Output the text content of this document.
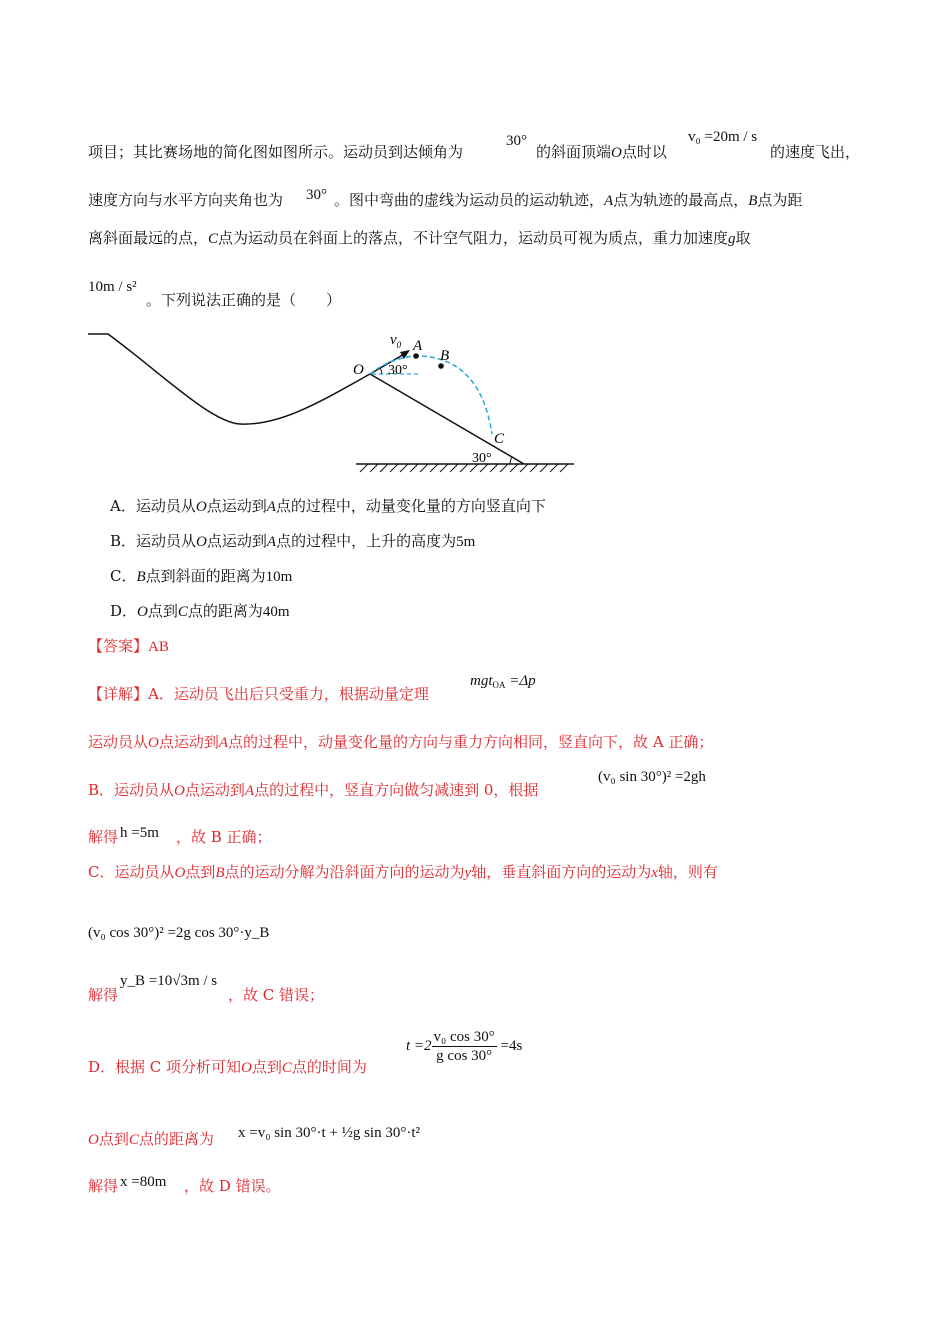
项目；其比赛场地的简化图如图所示。运动员到达倾角为
30°
的斜面顶端O点时以
v₀ =20m / s
的速度飞出，
速度方向与水平方向夹角也为 30° 。图中弯曲的虚线为运动员的运动轨迹，A点为轨迹的最高点，B点为距
离斜面最远的点，C点为运动员在斜面上的落点，不计空气阻力，运动员可视为质点，重力加速度g取
10m / s²
。下列说法正确的是（　　）
$v_0$ A
B
O 30°
C
30°
A．运动员从O点运动到A点的过程中，动量变化量的方向竖直向下
B．运动员从O点运动到A点的过程中，上升的高度为5m
C．B点到斜面的距离为10m
D．O点到C点的距离为40m
【答案】AB
【详解】A．运动员飞出后只受重力，根据动量定理
mgt$_{OA}$ =Δp
运动员从O点运动到A点的过程中，动量变化量的方向与重力方向相同，竖直向下，故 A 正确；
B．运动员从O点运动到A点的过程中，竖直方向做匀减速到 0，根据
(v₀ sin 30°)² =2gh
解得 h =5m ，故 B 正确；
C．运动员从O点到B点的运动分解为沿斜面方向的运动为y轴，垂直斜面方向的运动为x轴，则有
(v₀ cos 30°)² =2g cos 30°·y_B
解得
y_B =10√3m / s
，故 C 错误；
D．根据 C 项分析可知O点到C点的时间为
$t =2 \frac{\text{v₀ cos 30°}}{\text{g cos 30°}} =4s$
O点到C点的距离为 x =v₀ sin 30°·t + ½g sin 30°·t²
解得 x =80m ，故 D 错误。
